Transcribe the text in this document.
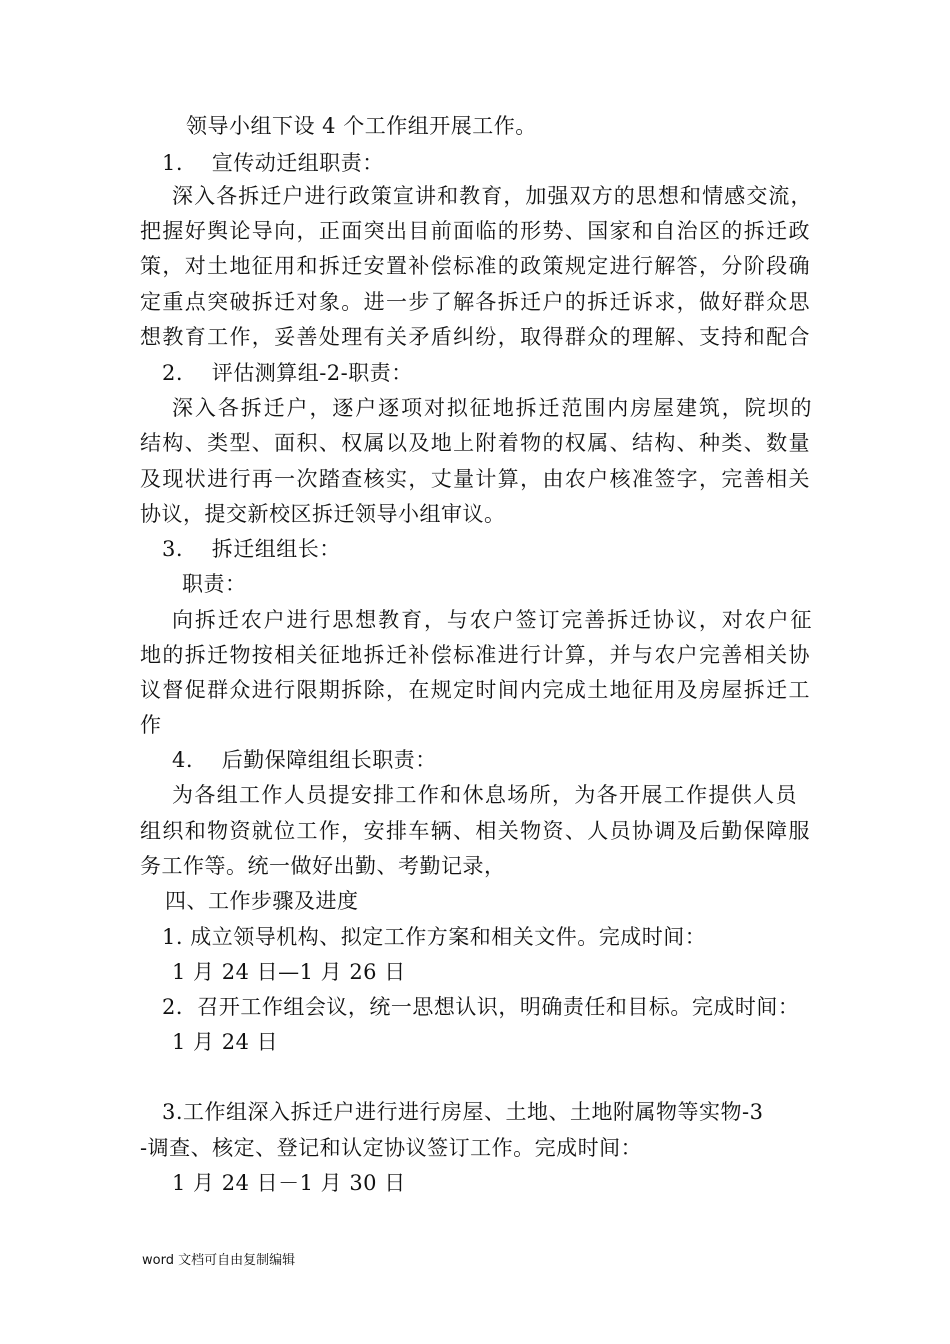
领导小组下设 4 个工作组开展工作。
1.　 宣传动迁组职责：
深入各拆迁户进行政策宣讲和教育，加强双方的思想和情感交流，
把握好舆论导向，正面突出目前面临的形势、国家和自治区的拆迁政
策，对土地征用和拆迁安置补偿标准的政策规定进行解答，分阶段确
定重点突破拆迁对象。进一步了解各拆迁户的拆迁诉求，做好群众思
想教育工作，妥善处理有关矛盾纠纷，取得群众的理解、支持和配合
2.　 评估测算组-2-职责：
深入各拆迁户，逐户逐项对拟征地拆迁范围内房屋建筑，院坝的
结构、类型、面积、权属以及地上附着物的权属、结构、种类、数量
及现状进行再一次踏查核实，丈量计算，由农户核准签字，完善相关
协议，提交新校区拆迁领导小组审议。
3.　 拆迁组组长：
职责：
向拆迁农户进行思想教育，与农户签订完善拆迁协议，对农户征
地的拆迁物按相关征地拆迁补偿标准进行计算，并与农户完善相关协
议督促群众进行限期拆除，在规定时间内完成土地征用及房屋拆迁工
作
4.　 后勤保障组组长职责：
为各组工作人员提安排工作和休息场所，为各开展工作提供人员
组织和物资就位工作，安排车辆、相关物资、人员协调及后勤保障服
务工作等。统一做好出勤、考勤记录，
四、工作步骤及进度
1. 成立领导机构、拟定工作方案和相关文件。完成时间：
1 月 24 日—1 月 26 日
2．召开工作组会议，统一思想认识，明确责任和目标。完成时间：
1 月 24 日
3.工作组深入拆迁户进行进行房屋、土地、土地附属物等实物-3
-调查、核定、登记和认定协议签订工作。完成时间：
1 月 24 日－1 月 30 日
word 文档可自由复制编辑
